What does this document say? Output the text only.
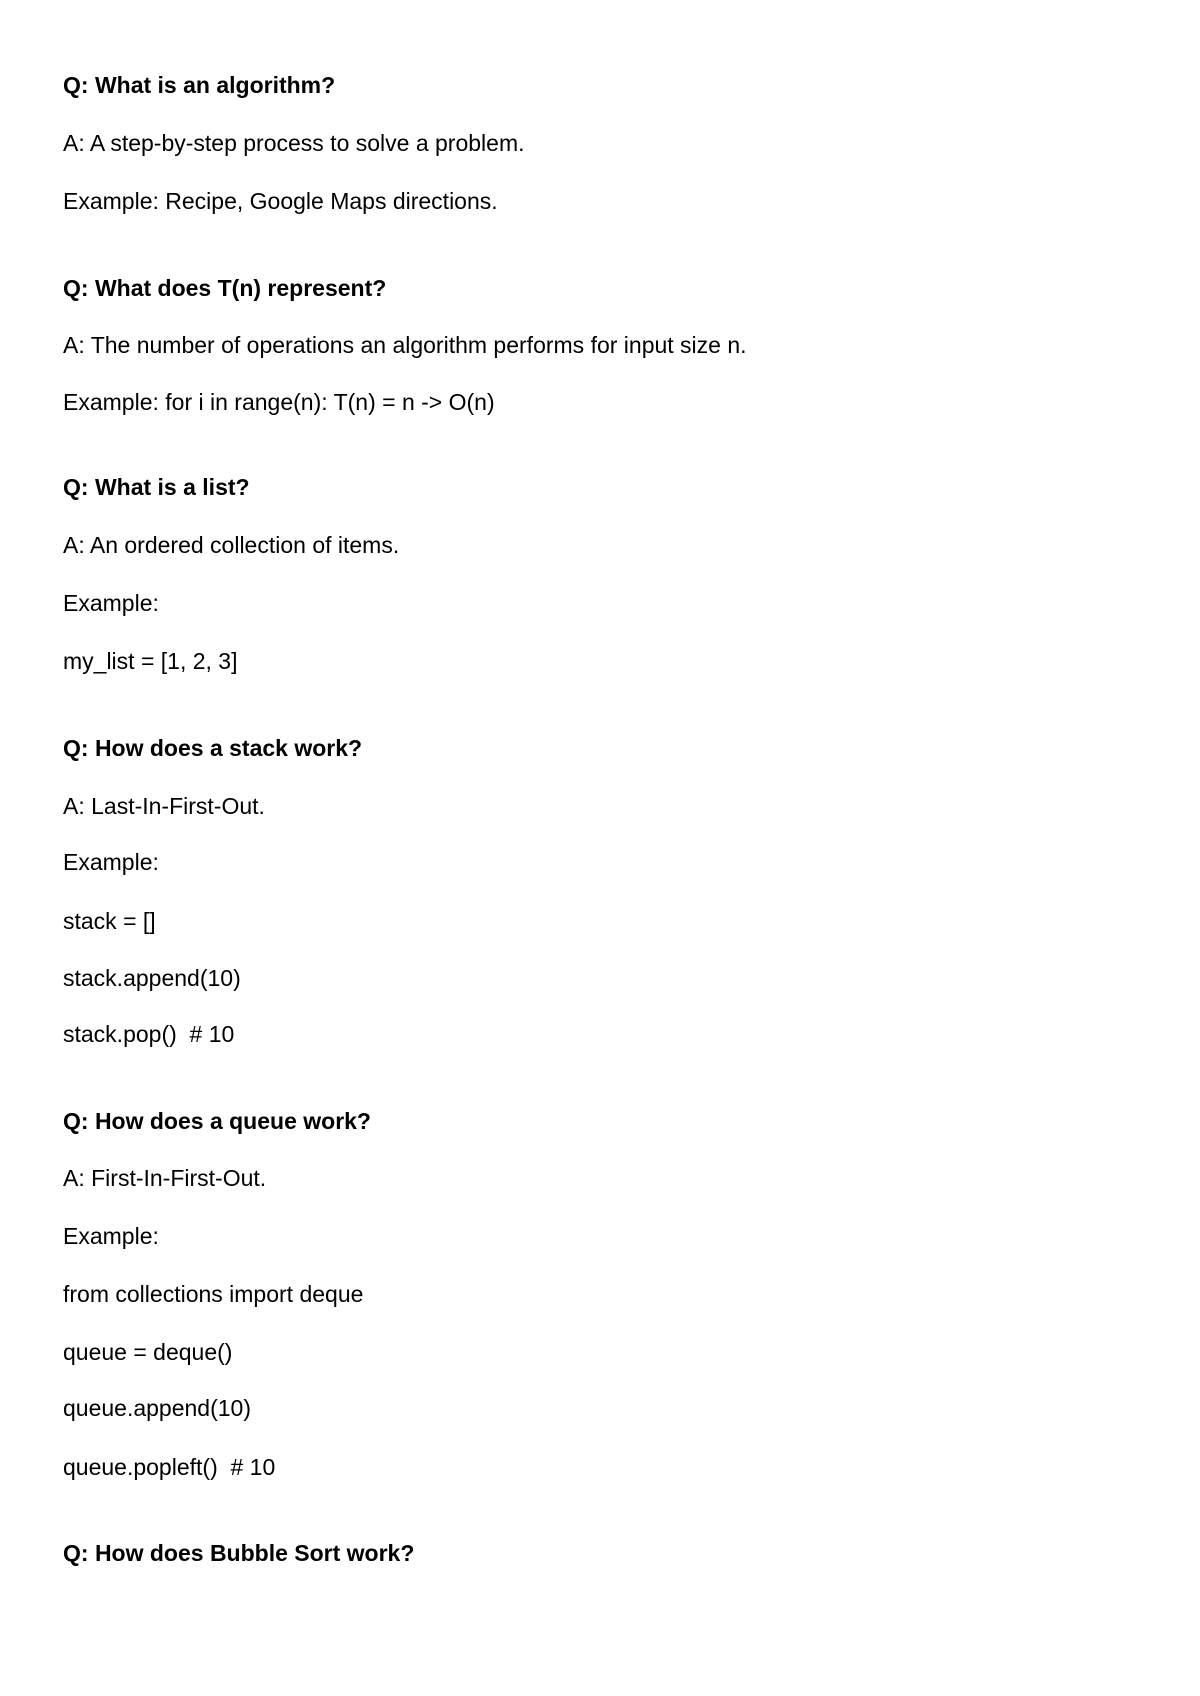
Q: What is an algorithm?
A: A step-by-step process to solve a problem.
Example: Recipe, Google Maps directions.
Q: What does T(n) represent?
A: The number of operations an algorithm performs for input size n.
Example: for i in range(n): T(n) = n -> O(n)
Q: What is a list?
A: An ordered collection of items.
Example:
my_list = [1, 2, 3]
Q: How does a stack work?
A: Last-In-First-Out.
Example:
stack = []
stack.append(10)
stack.pop()  # 10
Q: How does a queue work?
A: First-In-First-Out.
Example:
from collections import deque
queue = deque()
queue.append(10)
queue.popleft()  # 10
Q: How does Bubble Sort work?
